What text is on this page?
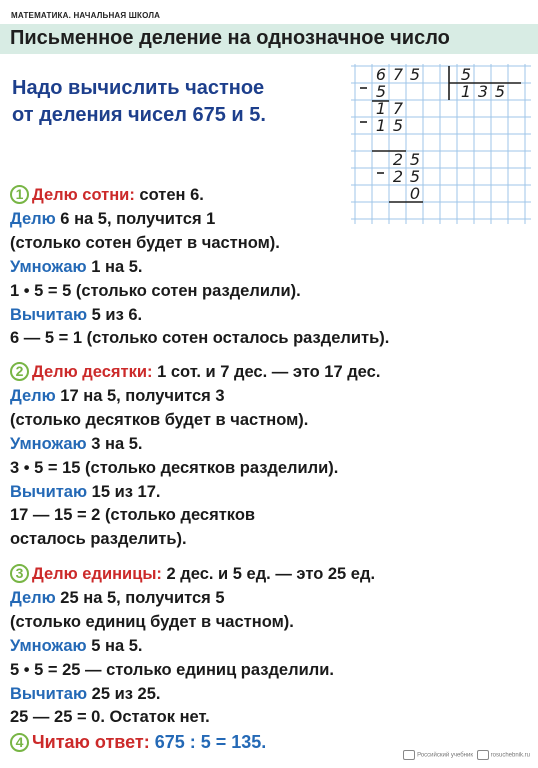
МАТЕМАТИКА. НАЧАЛЬНАЯ ШКОЛА
Письменное деление на однозначное число
Надо вычислить частное
от деления чисел 675 и 5.
6 7 5	5
1 3 5
5
1 7
1 5
2 5
2 5
0
1 Делю сотни: сотен 6.
Делю 6 на 5, получится 1
(столько сотен будет в частном).
Умножаю 1 на 5.
1 • 5 = 5 (столько сотен разделили).
Вычитаю 5 из 6.
6 — 5 = 1 (столько сотен осталось разделить).
2 Делю десятки: 1 сот. и 7 дес. — это 17 дес.
Делю 17 на 5, получится 3
(столько десятков будет в частном).
Умножаю 3 на 5.
3 • 5 = 15 (столько десятков разделили).
Вычитаю 15 из 17.
17 — 15 = 2 (столько десятков
осталось разделить).
3 Делю единицы: 2 дес. и 5 ед. — это 25 ед.
Делю 25 на 5, получится 5
(столько единиц будет в частном).
Умножаю 5 на 5.
5 • 5 = 25 — столько единиц разделили.
Вычитаю 25 из 25.
25 — 25 = 0. Остаток нет.
4 Читаю ответ: 675 : 5 = 135.
Российский учебник	rosuchebnik.ru
